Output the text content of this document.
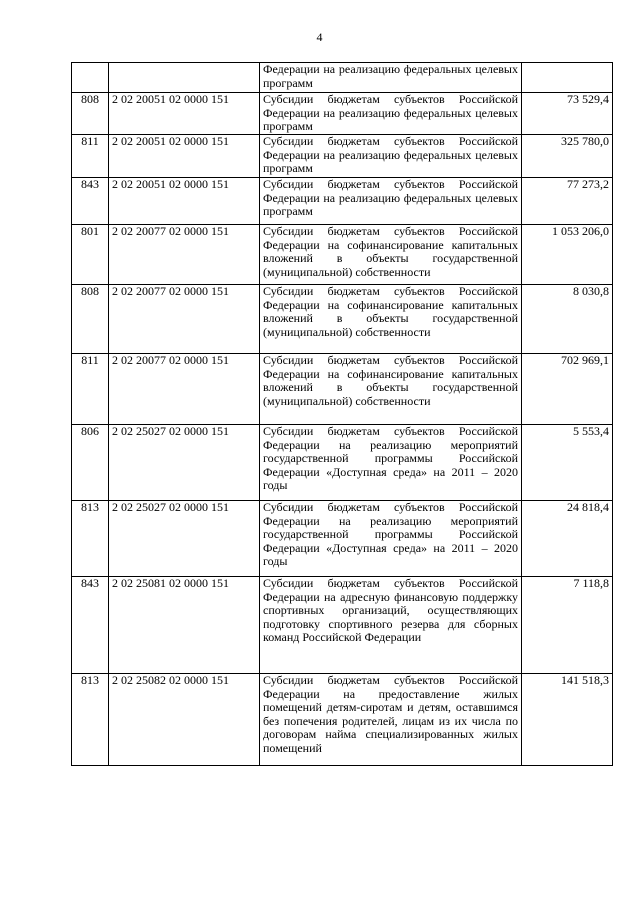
4
		Федерации на реализацию федеральных целевых программ	
808	2 02 20051 02 0000 151	Субсидии бюджетам субъектов Российской Федерации на реализацию федеральных целевых программ	73 529,4
811	2 02 20051 02 0000 151	Субсидии бюджетам субъектов Российской Федерации на реализацию федеральных целевых программ	325 780,0
843	2 02 20051 02 0000 151	Субсидии бюджетам субъектов Российской Федерации на реализацию федеральных целевых программ	77 273,2
801	2 02 20077 02 0000 151	Субсидии бюджетам субъектов Российской Федерации на софинансирование капитальных вложений в объекты государственной (муниципальной) собственности	1 053 206,0
808	2 02 20077 02 0000 151	Субсидии бюджетам субъектов Российской Федерации на софинансирование капитальных вложений в объекты государственной (муниципальной) собственности	8 030,8
811	2 02 20077 02 0000 151	Субсидии бюджетам субъектов Российской Федерации на софинансирование капитальных вложений в объекты государственной (муниципальной) собственности	702 969,1
806	2 02 25027 02 0000 151	Субсидии бюджетам субъектов Российской Федерации на реализацию мероприятий государственной программы Российской Федерации «Доступная среда» на 2011 – 2020 годы	5 553,4
813	2 02 25027 02 0000 151	Субсидии бюджетам субъектов Российской Федерации на реализацию мероприятий государственной программы Российской Федерации «Доступная среда» на 2011 – 2020 годы	24 818,4
843	2 02 25081 02 0000 151	Субсидии бюджетам субъектов Российской Федерации на адресную финансовую поддержку спортивных организаций, осуществляющих подготовку спортивного резерва для сборных команд Российской Федерации	7 118,8
813	2 02 25082 02 0000 151	Субсидии бюджетам субъектов Российской Федерации на предоставление жилых помещений детям-сиротам и детям, оставшимся без попечения родителей, лицам из их числа по договорам найма специализированных жилых помещений	141 518,3
